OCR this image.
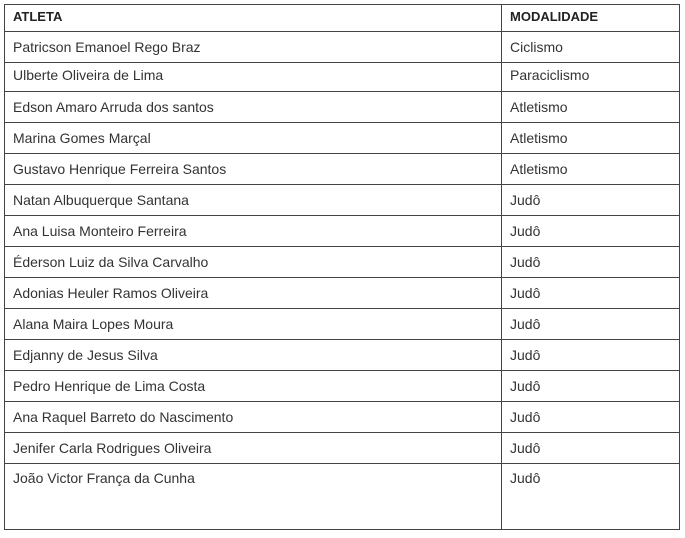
ATLETA	MODALIDADE
Patricson Emanoel Rego Braz	Ciclismo
Ulberte Oliveira de Lima	Paraciclismo
Edson Amaro Arruda dos santos	Atletismo
Marina Gomes Marçal	Atletismo
Gustavo Henrique Ferreira Santos	Atletismo
Natan Albuquerque Santana	Judô
Ana Luisa Monteiro Ferreira	Judô
Éderson Luiz da Silva Carvalho	Judô
Adonias Heuler Ramos Oliveira	Judô
Alana Maira Lopes Moura	Judô
Edjanny de Jesus Silva	Judô
Pedro Henrique de Lima Costa	Judô
Ana Raquel Barreto do Nascimento	Judô
Jenifer Carla Rodrigues Oliveira	Judô
João Victor França da Cunha	Judô
